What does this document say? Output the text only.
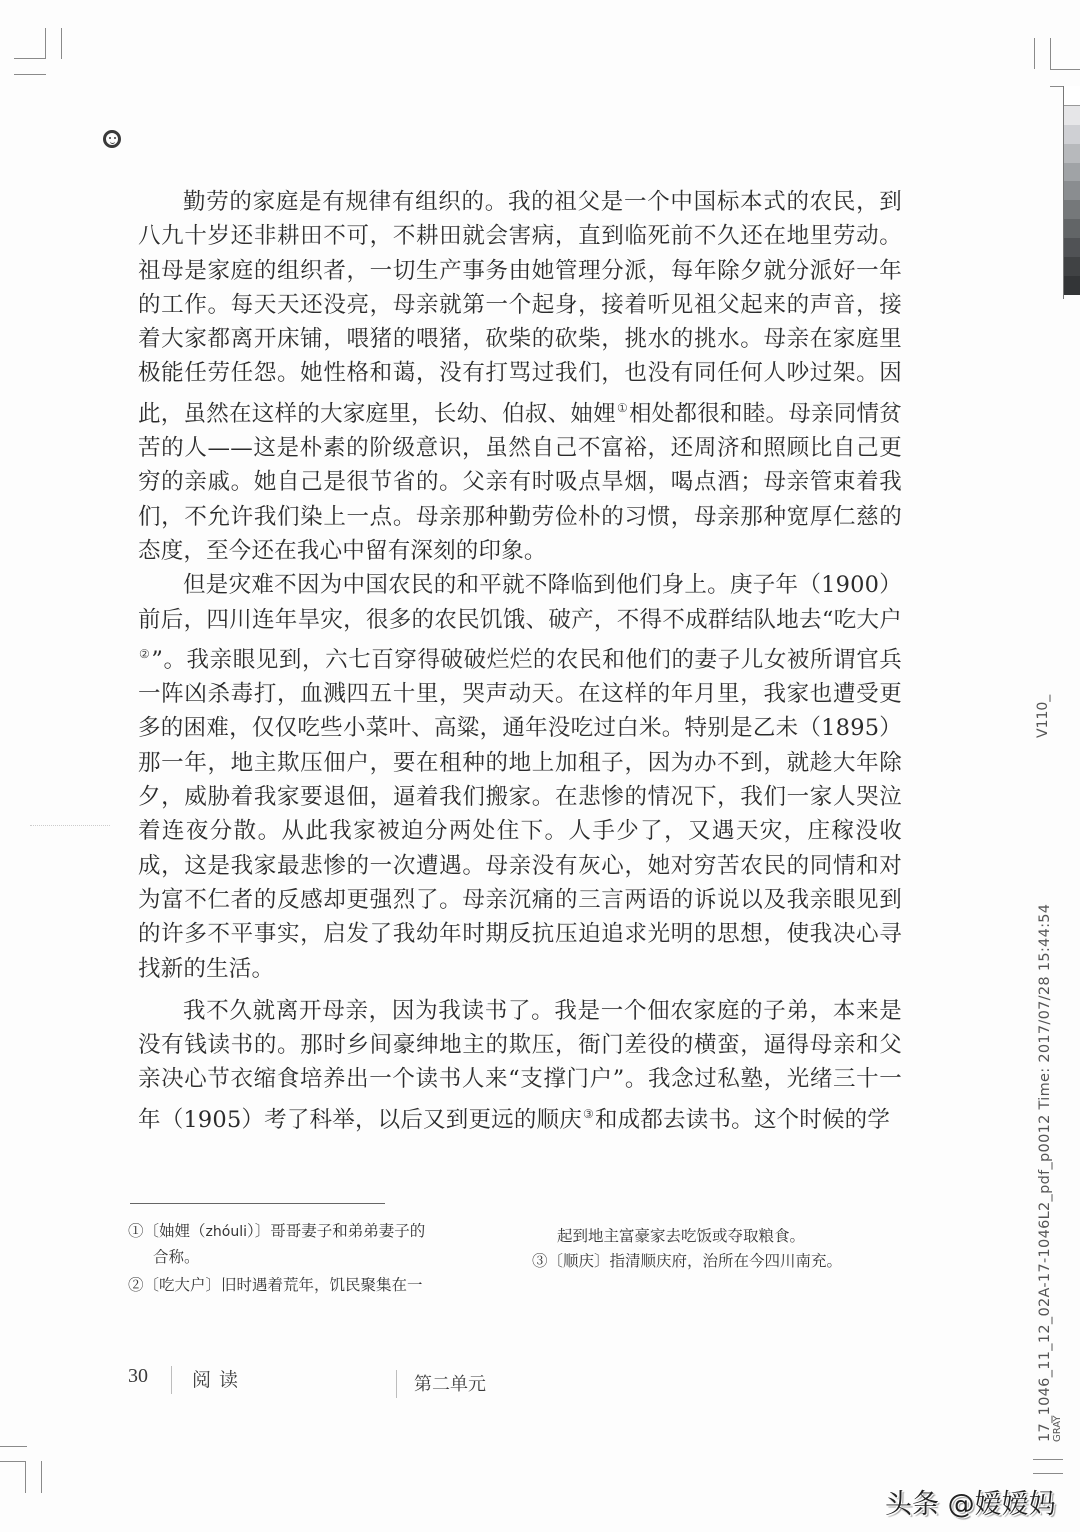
勤劳的家庭是有规律有组织的。我的祖父是一个中国标本式的农民，到八九十岁还非耕田不可，不耕田就会害病，直到临死前不久还在地里劳动。祖母是家庭的组织者，一切生产事务由她管理分派，每年除夕就分派好一年的工作。每天天还没亮，母亲就第一个起身，接着听见祖父起来的声音，接着大家都离开床铺，喂猪的喂猪，砍柴的砍柴，挑水的挑水。母亲在家庭里极能任劳任怨。她性格和蔼，没有打骂过我们，也没有同任何人吵过架。因此，虽然在这样的大家庭里，长幼、伯叔、妯娌①相处都很和睦。母亲同情贫苦的人——这是朴素的阶级意识，虽然自己不富裕，还周济和照顾比自己更穷的亲戚。她自己是很节省的。父亲有时吸点旱烟，喝点酒；母亲管束着我们，不允许我们染上一点。母亲那种勤劳俭朴的习惯，母亲那种宽厚仁慈的态度，至今还在我心中留有深刻的印象。

但是灾难不因为中国农民的和平就不降临到他们身上。庚子年（1900）前后，四川连年旱灾，很多的农民饥饿、破产，不得不成群结队地去“吃大户②”。我亲眼见到，六七百穿得破破烂烂的农民和他们的妻子儿女被所谓官兵一阵凶杀毒打，血溅四五十里，哭声动天。在这样的年月里，我家也遭受更多的困难，仅仅吃些小菜叶、高粱，通年没吃过白米。特别是乙未（1895）那一年，地主欺压佃户，要在租种的地上加租子，因为办不到，就趁大年除夕，威胁着我家要退佃，逼着我们搬家。在悲惨的情况下，我们一家人哭泣着连夜分散。从此我家被迫分两处住下。人手少了，又遇天灾，庄稼没收成，这是我家最悲惨的一次遭遇。母亲没有灰心，她对穷苦农民的同情和对为富不仁者的反感却更强烈了。母亲沉痛的三言两语的诉说以及我亲眼见到的许多不平事实，启发了我幼年时期反抗压迫追求光明的思想，使我决心寻找新的生活。

我不久就离开母亲，因为我读书了。我是一个佃农家庭的子弟，本来是没有钱读书的。那时乡间豪绅地主的欺压，衙门差役的横蛮，逼得母亲和父亲决心节衣缩食培养出一个读书人来“支撑门户”。我念过私塾，光绪三十一年（1905）考了科举，以后又到更远的顺庆③和成都去读书。这个时候的学

①〔妯娌（zhóuli）〕哥哥妻子和弟弟妻子的

合称。

②〔吃大户〕旧时遇着荒年，饥民聚集在一

起到地主富豪家去吃饭或夺取粮食。

③〔顺庆〕指清顺庆府，治所在今四川南充。

30 阅读	第二单元
V110_
17_1046_11_12_02A-17-1046L2_pdf_p0012 Time: 2017/07/28 15:44:54 GRAY
头条 @嫒嫒妈
